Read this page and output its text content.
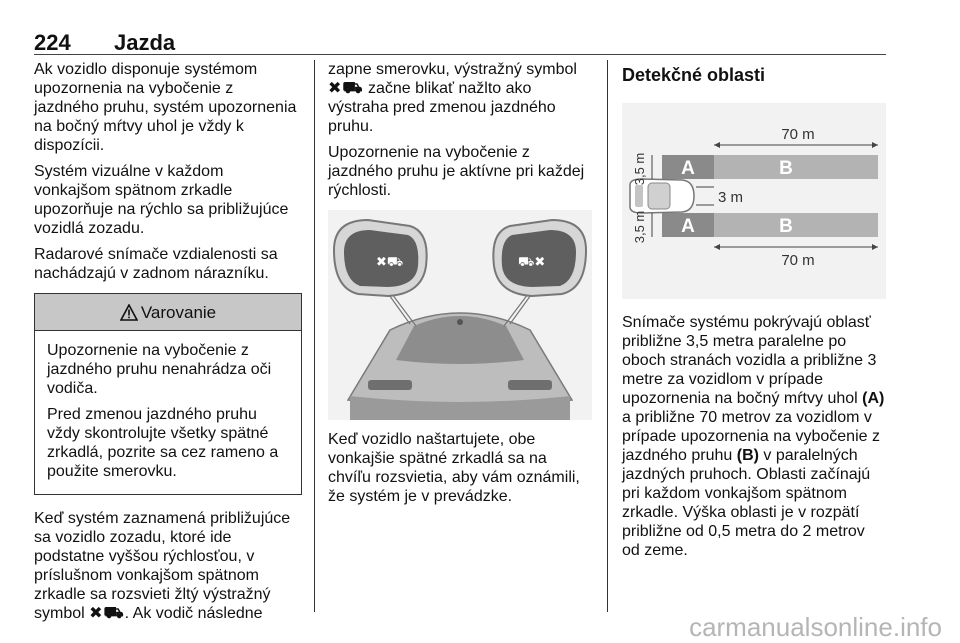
224 Jazda

Ak vozidlo disponuje systémom upozornenia na vybočenie z jazdného pruhu, systém upozornenia na bočný mŕtvy uhol je vždy k dispozícii.

Systém vizuálne v každom vonkajšom spätnom zrkadle upozorňuje na rýchlo sa približujúce vozidlá zozadu.

Radarové snímače vzdialenosti sa nachádzajú v zadnom nárazníku.

Varovanie

Upozornenie na vybočenie z jazdného pruhu nenahrádza oči vodiča.

Pred zmenou jazdného pruhu vždy skontrolujte všetky spätné zrkadlá, pozrite sa cez rameno a použite smerovku.

Keď systém zaznamená približujúce sa vozidlo zozadu, ktoré ide podstatne vyššou rýchlosťou, v príslušnom vonkajšom spätnom zrkadle sa rozsvieti žltý výstražný symbol ✖⛟. Ak vodič následne

zapne smerovku, výstražný symbol ✖⛟ začne blikať nažlto ako výstraha pred zmenou jazdného pruhu.

Upozornenie na vybočenie z jazdného pruhu je aktívne pri každej rýchlosti.

✖⛟	⛟✖

Keď vozidlo naštartujete, obe vonkajšie spätné zrkadlá sa na chvíľu rozsvietia, aby vám oznámili, že systém je v prevádzke.

Detekčné oblasti
A	B
A	B
70 m
70 m
3 m
3,5 m
3,5 m

Snímače systému pokrývajú oblasť približne 3,5 metra paralelne po oboch stranách vozidla a približne 3 metre za vozidlom v prípade upozornenia na bočný mŕtvy uhol (A) a približne 70 metrov za vozidlom v prípade upozornenia na vybočenie z jazdného pruhu (B) v paralelných jazdných pruhoch. Oblasti začínajú pri každom vonkajšom spätnom zrkadle. Výška oblasti je v rozpätí približne od 0,5 metra do 2 metrov od zeme.

carmanualsonline.info
